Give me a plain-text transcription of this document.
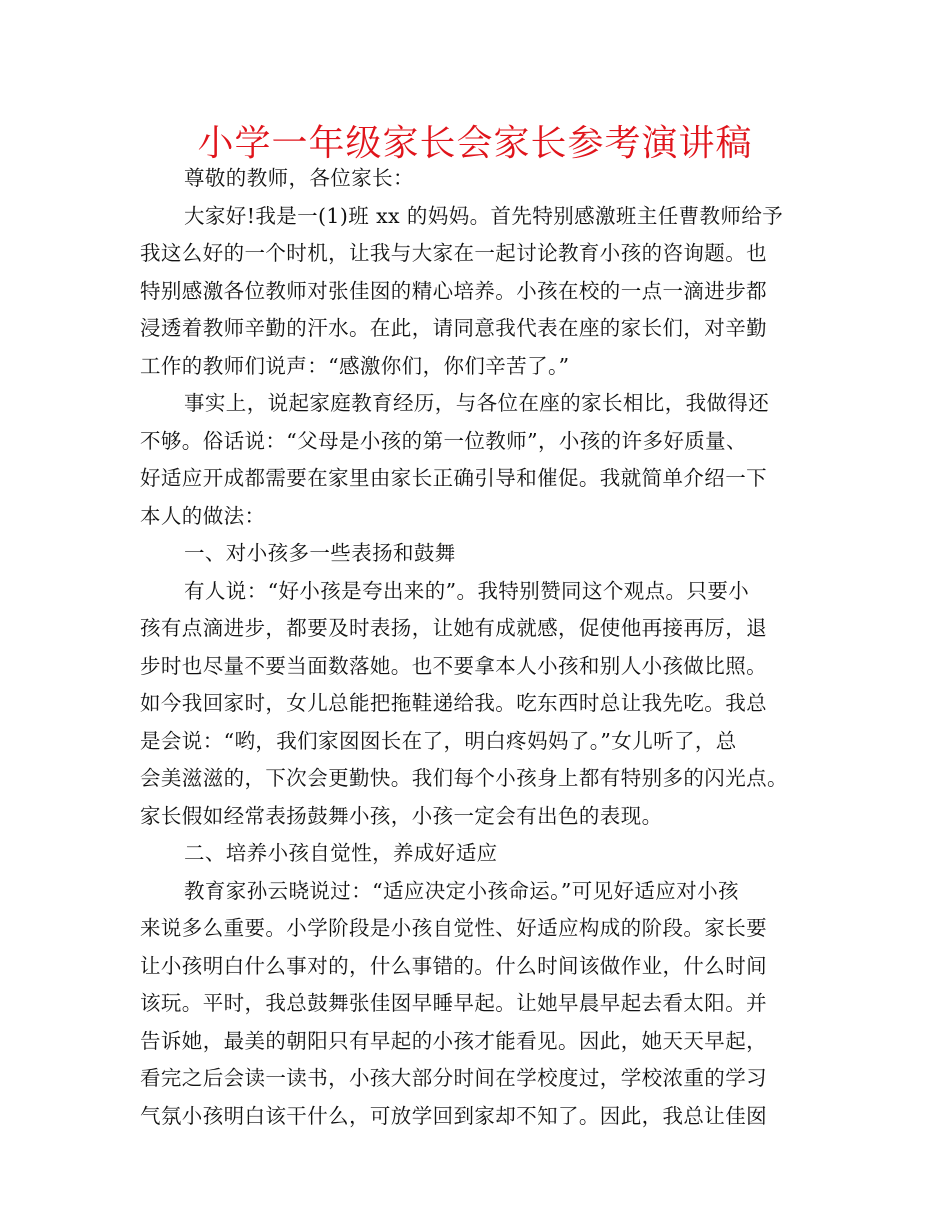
小学一年级家长会家长参考演讲稿
尊敬的教师，各位家长：
大家好!我是一(1)班 xx 的妈妈。首先特别感激班主任曹教师给予
我这么好的一个时机，让我与大家在一起讨论教育小孩的咨询题。也
特别感激各位教师对张佳囡的精心培养。小孩在校的一点一滴进步都
浸透着教师辛勤的汗水。在此，请同意我代表在座的家长们，对辛勤
工作的教师们说声：“感激你们，你们辛苦了。”
事实上，说起家庭教育经历，与各位在座的家长相比，我做得还
不够。俗话说：“父母是小孩的第一位教师”，小孩的许多好质量、
好适应开成都需要在家里由家长正确引导和催促。我就简单介绍一下
本人的做法：
一、对小孩多一些表扬和鼓舞
有人说：“好小孩是夸出来的”。我特别赞同这个观点。只要小
孩有点滴进步，都要及时表扬，让她有成就感，促使他再接再厉，退
步时也尽量不要当面数落她。也不要拿本人小孩和别人小孩做比照。
如今我回家时，女儿总能把拖鞋递给我。吃东西时总让我先吃。我总
是会说：“哟，我们家囡囡长在了，明白疼妈妈了。”女儿听了，总
会美滋滋的，下次会更勤快。我们每个小孩身上都有特别多的闪光点。
家长假如经常表扬鼓舞小孩，小孩一定会有出色的表现。
二、培养小孩自觉性，养成好适应
教育家孙云晓说过：“适应决定小孩命运。”可见好适应对小孩
来说多么重要。小学阶段是小孩自觉性、好适应构成的阶段。家长要
让小孩明白什么事对的，什么事错的。什么时间该做作业，什么时间
该玩。平时，我总鼓舞张佳囡早睡早起。让她早晨早起去看太阳。并
告诉她，最美的朝阳只有早起的小孩才能看见。因此，她天天早起，
看完之后会读一读书，小孩大部分时间在学校度过，学校浓重的学习
气氛小孩明白该干什么，可放学回到家却不知了。因此，我总让佳囡
